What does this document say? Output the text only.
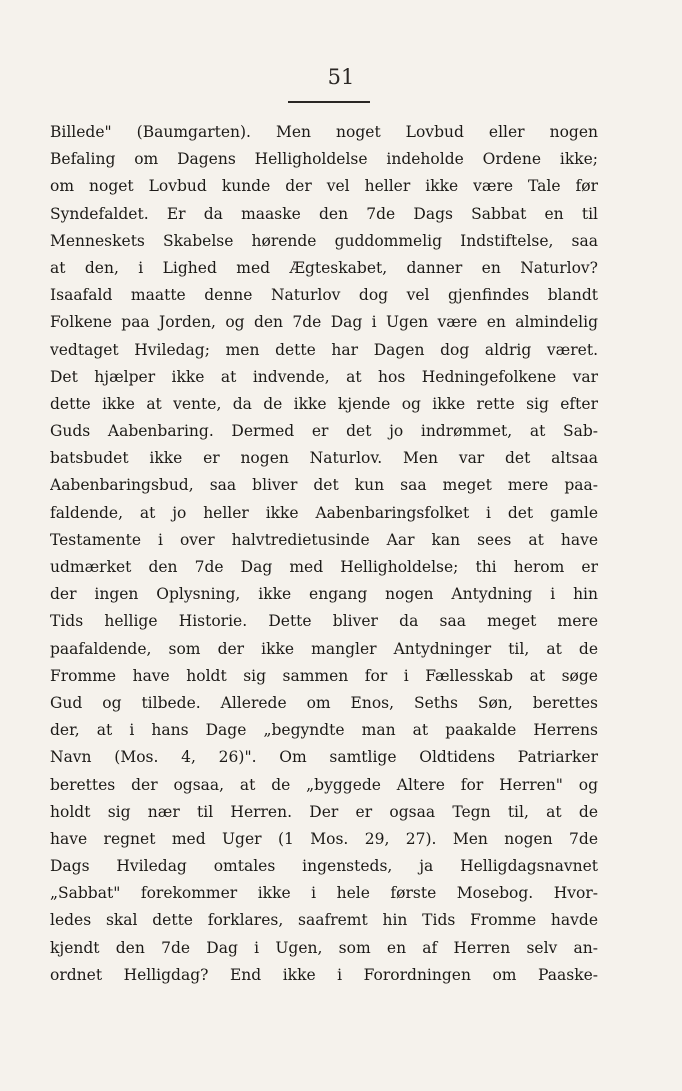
51
Billede" (Baumgarten). Men noget Lovbud eller nogen
Befaling om Dagens Helligholdelse indeholde Ordene ikke;
om noget Lovbud kunde der vel heller ikke være Tale før
Syndefaldet. Er da maaske den 7de Dags Sabbat en til
Menneskets Skabelse hørende guddommelig Indstiftelse, saa
at den, i Lighed med Ægteskabet, danner en Naturlov?
Isaafald maatte denne Naturlov dog vel gjenfindes blandt
Folkene paa Jorden, og den 7de Dag i Ugen være en almindelig
vedtaget Hviledag; men dette har Dagen dog aldrig været.
Det hjælper ikke at indvende, at hos Hedningefolkene var
dette ikke at vente, da de ikke kjende og ikke rette sig efter
Guds Aabenbaring. Dermed er det jo indrømmet, at Sab-
batsbudet ikke er nogen Naturlov. Men var det altsaa
Aabenbaringsbud, saa bliver det kun saa meget mere paa-
faldende, at jo heller ikke Aabenbaringsfolket i det gamle
Testamente i over halvtredietusinde Aar kan sees at have
udmærket den 7de Dag med Helligholdelse; thi herom er
der ingen Oplysning, ikke engang nogen Antydning i hin
Tids hellige Historie. Dette bliver da saa meget mere
paafaldende, som der ikke mangler Antydninger til, at de
Fromme have holdt sig sammen for i Fællesskab at søge
Gud og tilbede. Allerede om Enos, Seths Søn, berettes
der, at i hans Dage „begyndte man at paakalde Herrens
Navn (Mos. 4, 26)". Om samtlige Oldtidens Patriarker
berettes der ogsaa, at de „byggede Altere for Herren" og
holdt sig nær til Herren. Der er ogsaa Tegn til, at de
have regnet med Uger (1 Mos. 29, 27). Men nogen 7de
Dags Hviledag omtales ingensteds, ja Helligdagsnavnet
„Sabbat" forekommer ikke i hele første Mosebog. Hvor-
ledes skal dette forklares, saafremt hin Tids Fromme havde
kjendt den 7de Dag i Ugen, som en af Herren selv an-
ordnet Helligdag? End ikke i Forordningen om Paaske-
